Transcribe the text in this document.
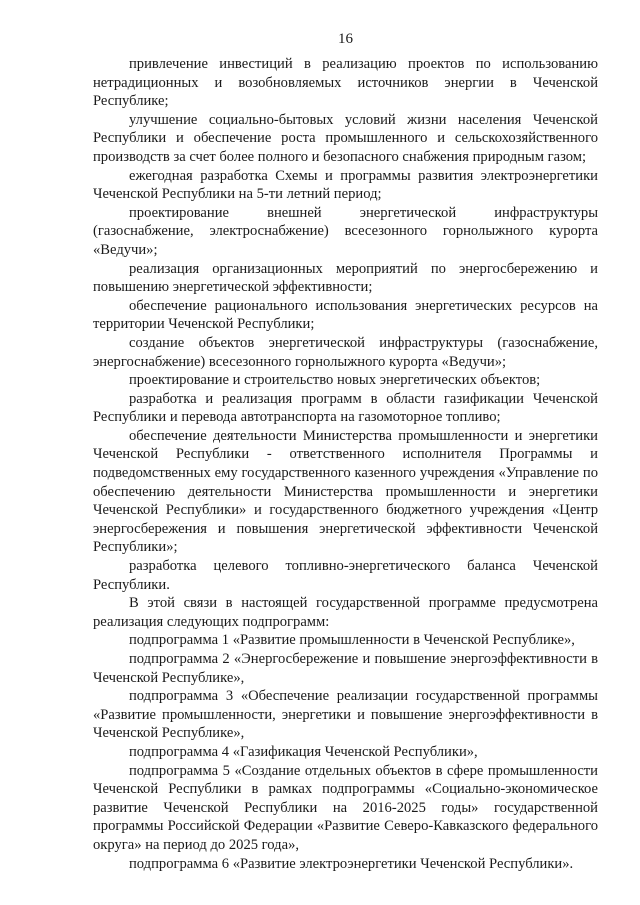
16

привлечение инвестиций в реализацию проектов по использованию нетрадиционных и возобновляемых источников энергии в Чеченской Республике;

улучшение социально-бытовых условий жизни населения Чеченской Республики и обеспечение роста промышленного и сельскохозяйственного производств за счет более полного и безопасного снабжения природным газом;

ежегодная разработка Схемы и программы развития электроэнергетики Чеченской Республики на 5-ти летний период;

проектирование внешней энергетической инфраструктуры (газоснабжение, электроснабжение) всесезонного горнолыжного курорта «Ведучи»;

реализация организационных мероприятий по энергосбережению и повышению энергетической эффективности;

обеспечение рационального использования энергетических ресурсов на территории Чеченской Республики;

создание объектов энергетической инфраструктуры (газоснабжение, энергоснабжение) всесезонного горнолыжного курорта «Ведучи»;

проектирование и строительство новых энергетических объектов;

разработка и реализация программ в области газификации Чеченской Республики и перевода автотранспорта на газомоторное топливо;

обеспечение деятельности Министерства промышленности и энергетики Чеченской Республики - ответственного исполнителя Программы и подведомственных ему государственного казенного учреждения «Управление по обеспечению деятельности Министерства промышленности и энергетики Чеченской Республики» и государственного бюджетного учреждения «Центр энергосбережения и повышения энергетической эффективности Чеченской Республики»;

разработка целевого топливно-энергетического баланса Чеченской Республики.

В этой связи в настоящей государственной программе предусмотрена реализация следующих подпрограмм:

подпрограмма 1 «Развитие промышленности в Чеченской Республике»,

подпрограмма 2 «Энергосбережение и повышение энергоэффективности в Чеченской Республике»,

подпрограмма 3 «Обеспечение реализации государственной программы «Развитие промышленности, энергетики и повышение энергоэффективности в Чеченской Республике»,

подпрограмма 4 «Газификация Чеченской Республики»,

подпрограмма 5 «Создание отдельных объектов в сфере промышленности Чеченской Республики в рамках подпрограммы «Социально-экономическое развитие Чеченской Республики на 2016-2025 годы» государственной программы Российской Федерации «Развитие Северо-Кавказского федерального округа» на период до 2025 года»,

подпрограмма 6 «Развитие электроэнергетики Чеченской Республики».
